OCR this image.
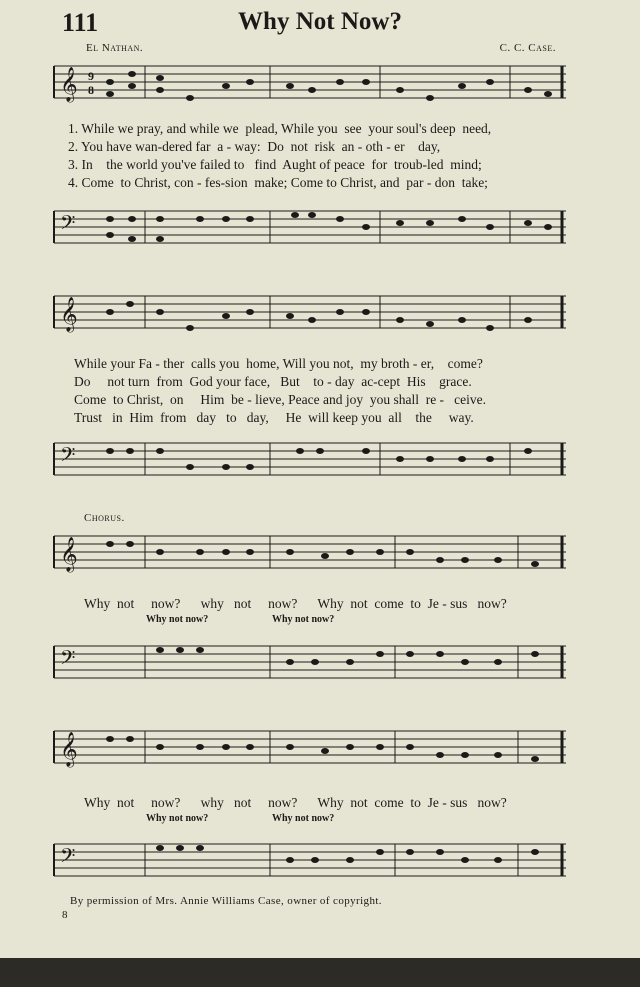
111	Why Not Now?
El Nathan.	C. C. Case.
𝄞 9
8
1. While we pray, and while we  plead, While you  see  your soul's deep  need,
2. You have wan-dered far  a - way:  Do  not  risk  an - oth - er    day,
3. In    the world you've failed to   find  Aught of peace  for  troub-led  mind;
4. Come  to Christ, con - fes-sion  make; Come to Christ, and  par - don  take;
𝄢
𝄞
While your Fa - ther  calls you  home, Will you not,  my broth - er,    come?
Do     not turn  from  God your face,   But    to - day  ac-cept  His    grace.
Come  to Christ,  on     Him  be - lieve, Peace and joy  you shall  re -   ceive.
Trust   in  Him  from   day   to   day,     He  will keep you  all    the     way.
𝄢
Chorus.
𝄞
Why  not     now?      why   not     now?      Why  not  come  to  Je - sus   now?
Why not now?	Why not now?
𝄢
𝄞
Why  not     now?      why   not     now?      Why  not  come  to  Je - sus   now?
Why not now?	Why not now?
𝄢
By permission of Mrs. Annie Williams Case, owner of copyright.
8
